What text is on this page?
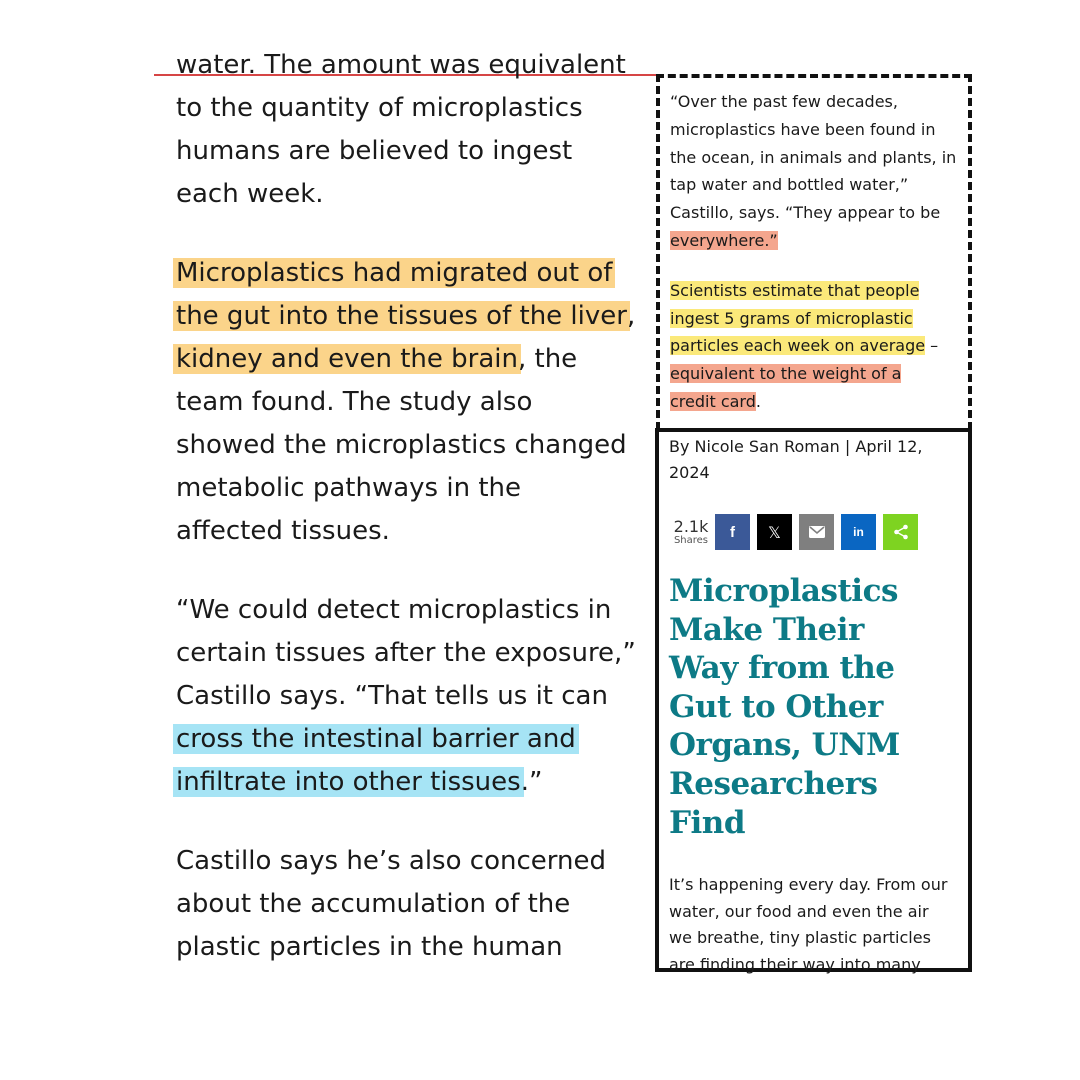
water. The amount was equivalent
to the quantity of microplastics
humans are believed to ingest
each week.

Microplastics had migrated out of
the gut into the tissues of the liver,
kidney and even the brain, the
team found. The study also
showed the microplastics changed
metabolic pathways in the
affected tissues.

“We could detect microplastics in
certain tissues after the exposure,”
Castillo says. “That tells us it can
cross the intestinal barrier and
infiltrate into other tissues.”

Castillo says he’s also concerned
about the accumulation of the
plastic particles in the human

“Over the past few decades,
microplastics have been found in
the ocean, in animals and plants, in
tap water and bottled water,”
Castillo, says. “They appear to be
everywhere.”

Scientists estimate that people
ingest 5 grams of microplastic
particles each week on average –
equivalent to the weight of a
credit card.

By Nicole San Roman | April 12,
2024

2.1k
Shares f 𝕏	in
Microplastics
Make Their
Way from the
Gut to Other
Organs, UNM
Researchers
Find

It’s happening every day. From our
water, our food and even the air
we breathe, tiny plastic particles
are finding their way into many
